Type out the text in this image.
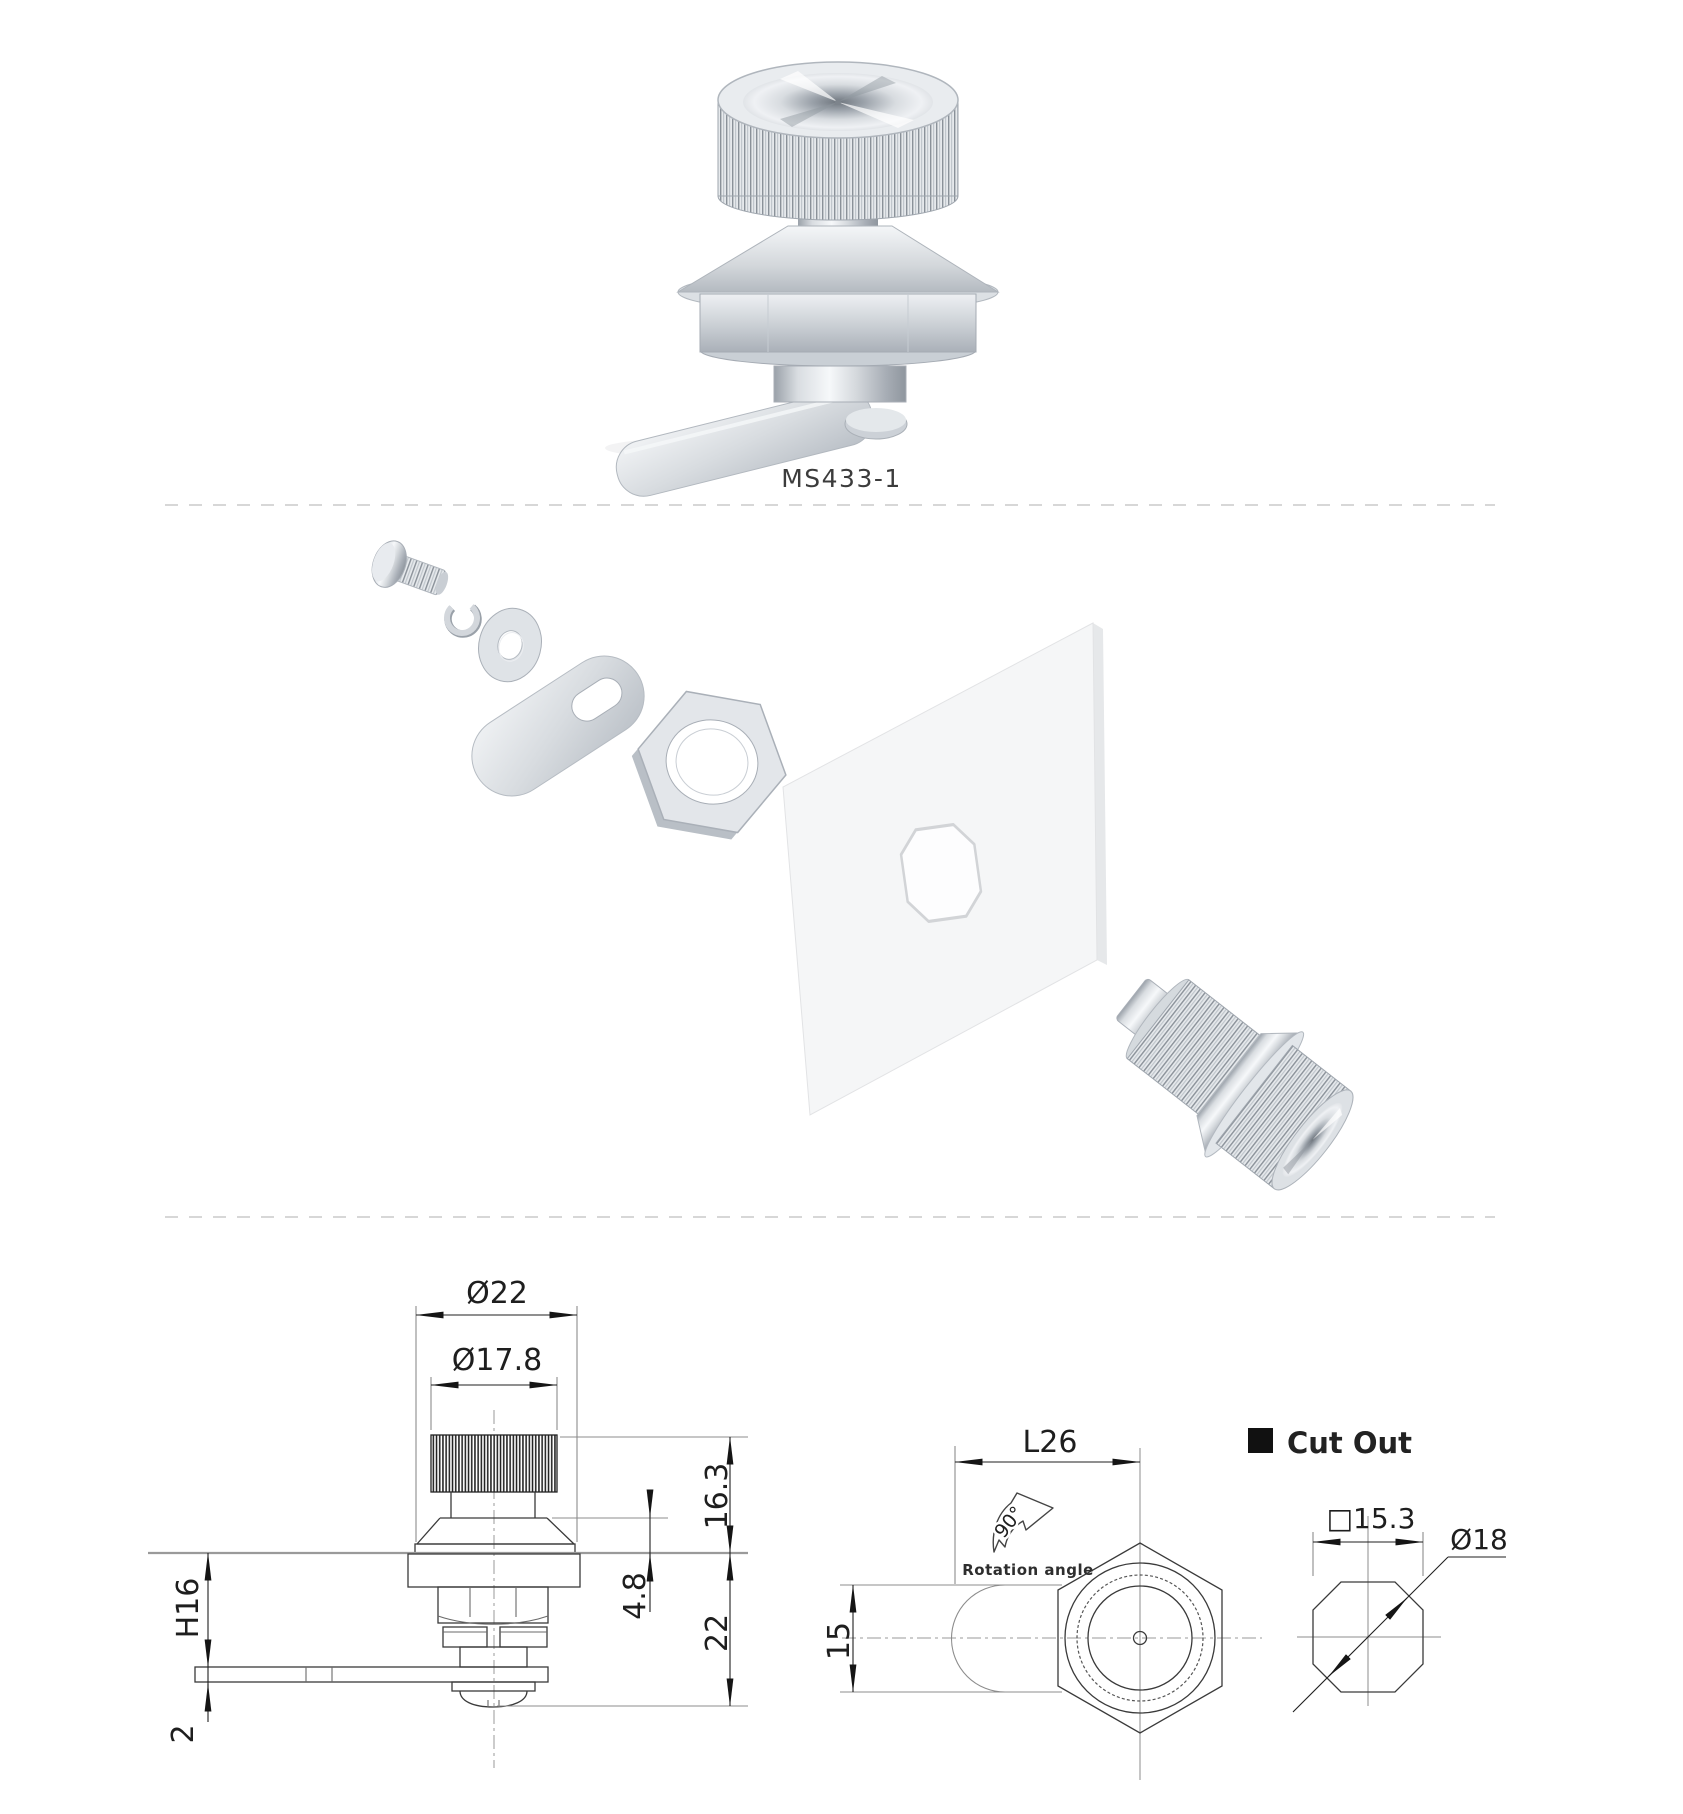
MS433-1
Ø22
Ø17.8
16.3
4.8
22
H16
2
L26
15
90°
Rotation angle
Cut Out
□15.3
Ø18
